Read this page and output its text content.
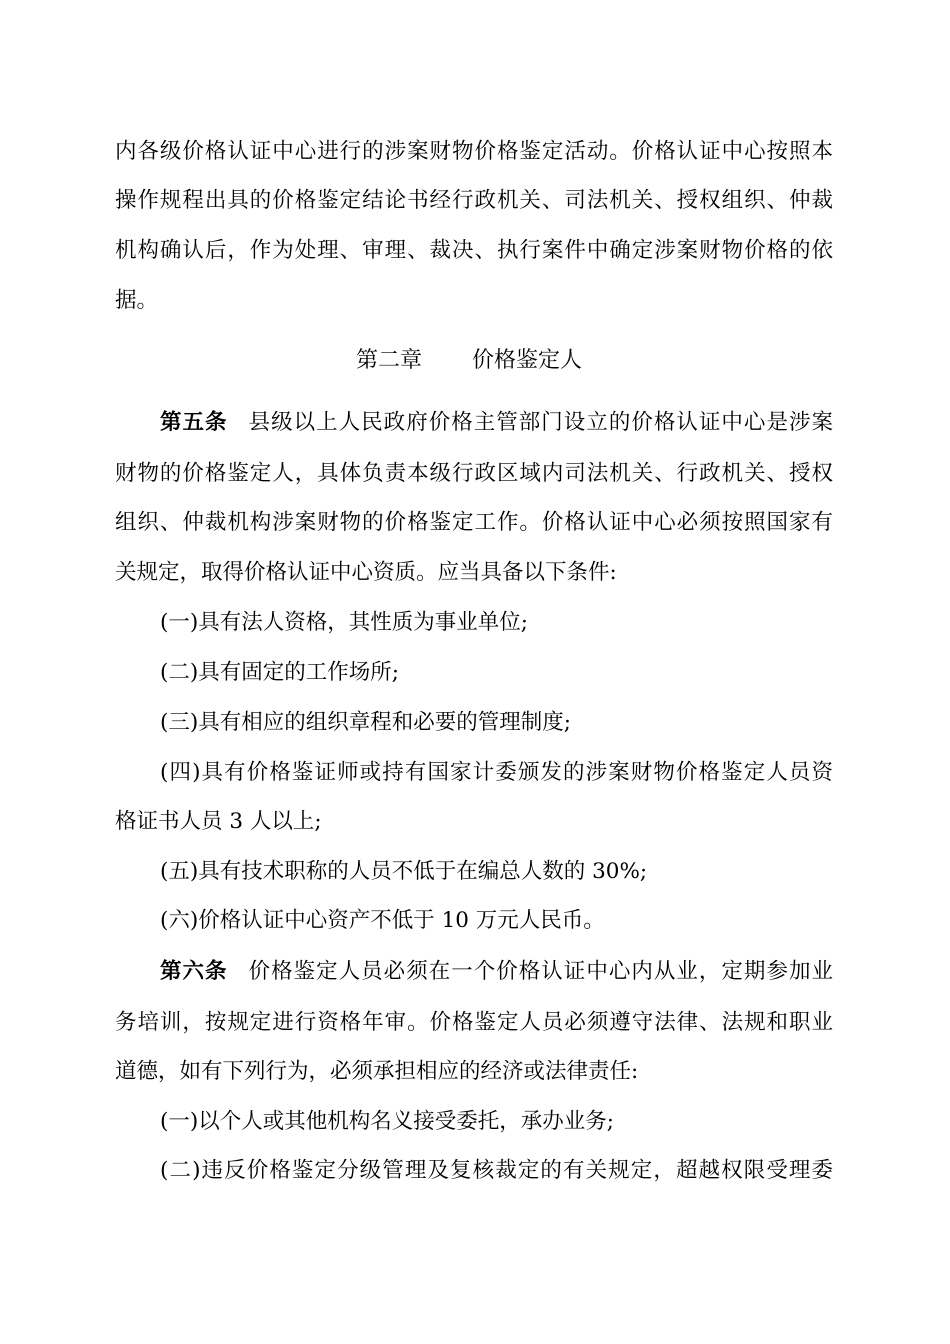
内各级价格认证中心进行的涉案财物价格鉴定活动。价格认证中心按照本

操作规程出具的价格鉴定结论书经行政机关、司法机关、授权组织、仲裁

机构确认后，作为处理、审理、裁决、执行案件中确定涉案财物价格的依

据。

第二章 价格鉴定人

第五条 县级以上人民政府价格主管部门设立的价格认证中心是涉案

财物的价格鉴定人，具体负责本级行政区域内司法机关、行政机关、授权

组织、仲裁机构涉案财物的价格鉴定工作。价格认证中心必须按照国家有

关规定，取得价格认证中心资质。应当具备以下条件:

(一)具有法人资格，其性质为事业单位;

(二)具有固定的工作场所;

(三)具有相应的组织章程和必要的管理制度;

(四)具有价格鉴证师或持有国家计委颁发的涉案财物价格鉴定人员资

格证书人员 3 人以上;

(五)具有技术职称的人员不低于在编总人数的 30%;

(六)价格认证中心资产不低于 10 万元人民币。

第六条 价格鉴定人员必须在一个价格认证中心内从业，定期参加业

务培训，按规定进行资格年审。价格鉴定人员必须遵守法律、法规和职业

道德，如有下列行为，必须承担相应的经济或法律责任:

(一)以个人或其他机构名义接受委托，承办业务;

(二)违反价格鉴定分级管理及复核裁定的有关规定，超越权限受理委
